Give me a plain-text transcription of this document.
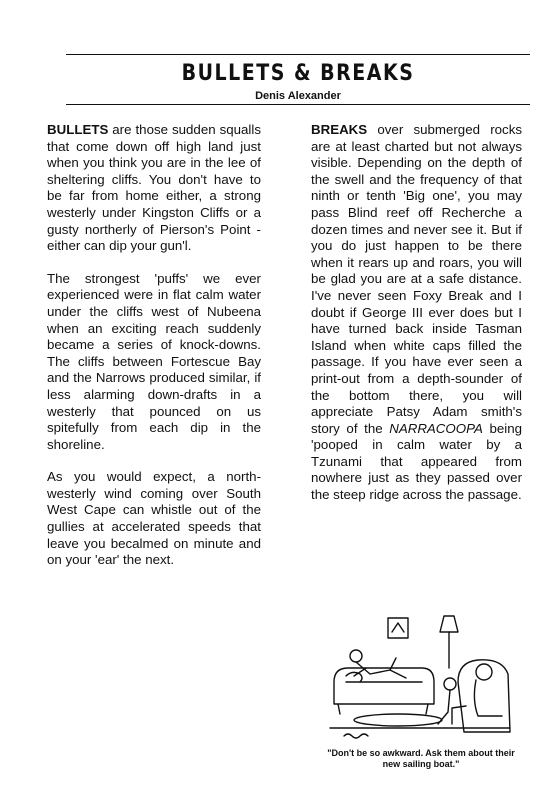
BULLETS & BREAKS
Denis Alexander

BULLETS are those sudden squalls that come down off high land just when you think you are in the lee of sheltering cliffs. You don't have to be far from home either, a strong westerly under Kingston Cliffs or a gusty northerly of Pierson's Point - either can dip your gun'l.

The strongest 'puffs' we ever experienced were in flat calm water under the cliffs west of Nubeena when an exciting reach suddenly became a series of knock-downs. The cliffs between Fortescue Bay and the Narrows produced similar, if less alarming down-drafts in a westerly that pounced on us spitefully from each dip in the shoreline.

As you would expect, a north-westerly wind coming over South West Cape can whistle out of the gullies at accelerated speeds that leave you becalmed on minute and on your 'ear' the next.

BREAKS over submerged rocks are at least charted but not always visible. Depending on the depth of the swell and the frequency of that ninth or tenth 'Big one', you may pass Blind reef off Recherche a dozen times and never see it. But if you do just happen to be there when it rears up and roars, you will be glad you are at a safe distance. I've never seen Foxy Break and I doubt if George III ever does but I have turned back inside Tasman Island when white caps filled the passage. If you have ever seen a print-out from a depth-sounder of the bottom there, you will appreciate Patsy Adam smith's story of the NARRACOOPA being 'pooped in calm water by a Tzunami that appeared from nowhere just as they passed over the steep ridge across the passage.

"Don't be so awkward. Ask them about their new sailing boat."
